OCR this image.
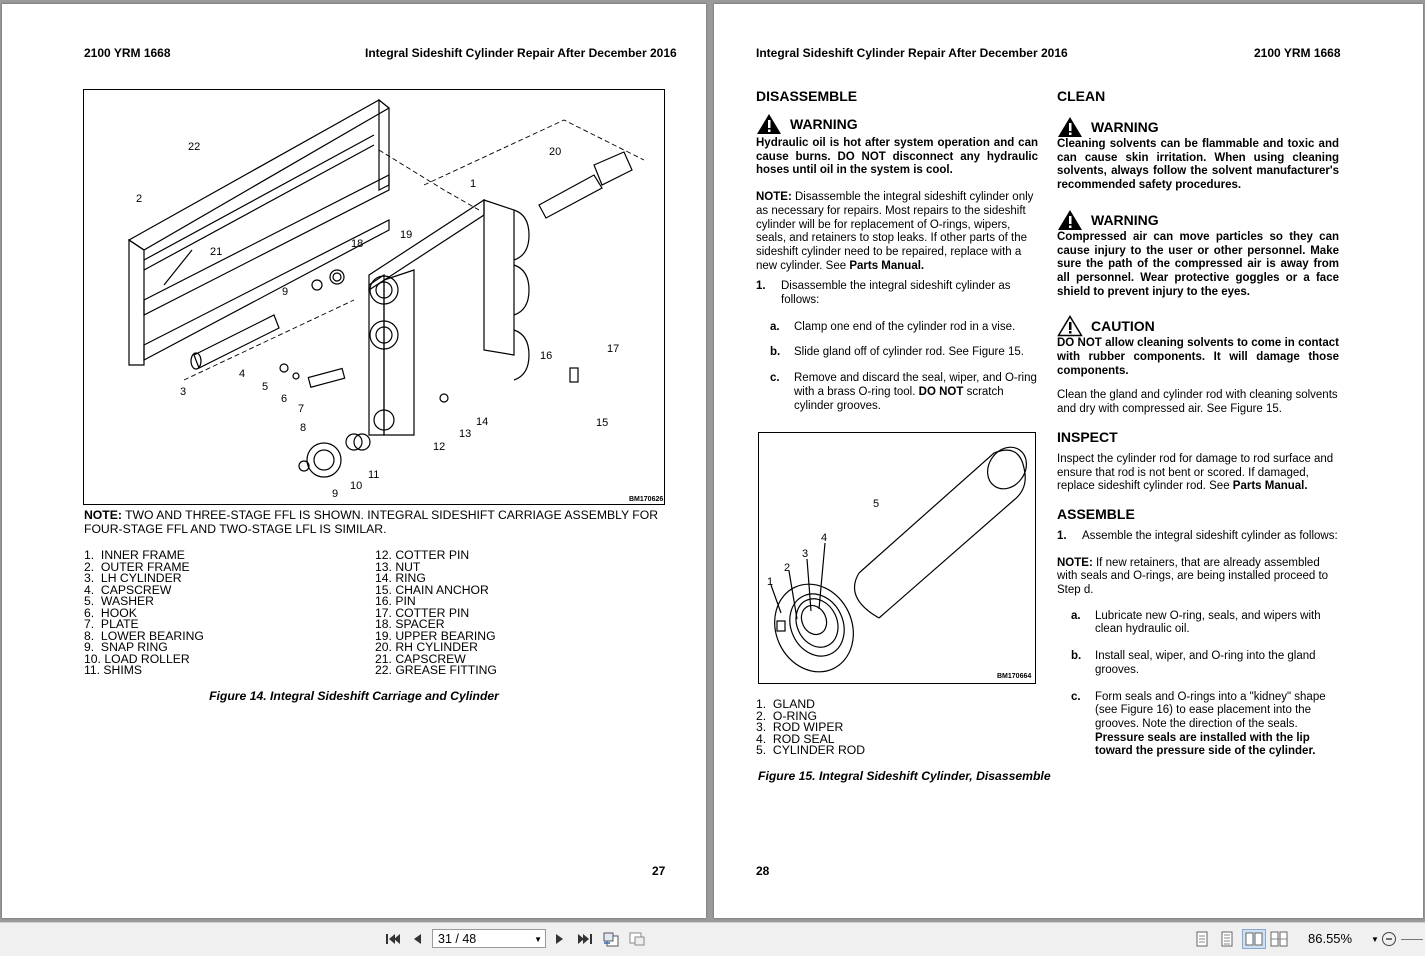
2100 YRM 1668	Integral Sideshift Cylinder Repair After December 2016
22
2
21
18
19
9
20
1
3
4
5
6
7
8
16
17
15
14
13
12
11
10
9	BM170626
NOTE: TWO AND THREE-STAGE FFL IS SHOWN. INTEGRAL SIDESHIFT CARRIAGE ASSEMBLY FOR FOUR-STAGE FFL AND TWO-STAGE LFL IS SIMILAR.
1.  INNER FRAME
2.  OUTER FRAME
3.  LH CYLINDER
4.  CAPSCREW
5.  WASHER
6.  HOOK
7.  PLATE
8.  LOWER BEARING
9.  SNAP RING
10. LOAD ROLLER
11. SHIMS
12. COTTER PIN
13. NUT
14. RING
15. CHAIN ANCHOR
16. PIN
17. COTTER PIN
18. SPACER
19. UPPER BEARING
20. RH CYLINDER
21. CAPSCREW
22. GREASE FITTING
Figure 14. Integral Sideshift Carriage and Cylinder
27
Integral Sideshift Cylinder Repair After December 2016	2100 YRM 1668
DISASSEMBLE
WARNING
Hydraulic oil is hot after system operation and can cause burns. DO NOT disconnect any hydraulic hoses until oil in the system is cool.
NOTE: Disassemble the integral sideshift cylinder only as necessary for repairs. Most repairs to the sideshift cylinder will be for replacement of O-rings, wipers, seals, and retainers to stop leaks. If other parts of the sideshift cylinder need to be repaired, replace with a new cylinder. See Parts Manual.
1.	Disassemble the integral sideshift cylinder as follows:
a.	Clamp one end of the cylinder rod in a vise.
b.	Slide gland off of cylinder rod. See Figure 15.
c.	Remove and discard the seal, wiper, and O-ring with a brass O-ring tool. DO NOT scratch cylinder grooves.
1
2
3
4
5
BM170664
1.  GLAND
2.  O-RING
3.  ROD WIPER
4.  ROD SEAL
5.  CYLINDER ROD
Figure 15. Integral Sideshift Cylinder, Disassemble
28
CLEAN
WARNING
Cleaning solvents can be flammable and toxic and can cause skin irritation. When using cleaning solvents, always follow the solvent manufacturer's recommended safety procedures.
WARNING
Compressed air can move particles so they can cause injury to the user or other personnel. Make sure the path of the compressed air is away from all personnel. Wear protective goggles or a face shield to prevent injury to the eyes.
CAUTION
DO NOT allow cleaning solvents to come in contact with rubber components. It will damage those components.
Clean the gland and cylinder rod with cleaning solvents and dry with compressed air. See Figure 15.
INSPECT
Inspect the cylinder rod for damage to rod surface and ensure that rod is not bent or scored. If damaged, replace sideshift cylinder rod. See Parts Manual.
ASSEMBLE
1.	Assemble the integral sideshift cylinder as follows:
NOTE: If new retainers, that are already assembled with seals and O-rings, are being installed proceed to Step d.
a.	Lubricate new O-ring, seals, and wipers with clean hydraulic oil.
b.	Install seal, wiper, and O-ring into the gland grooves.
c.	Form seals and O-rings into a "kidney" shape (see Figure 16) to ease placement into the grooves. Note the direction of the seals. Pressure seals are installed with the lip toward the pressure side of the cylinder.
31 / 48	▼	86.55% ▼
